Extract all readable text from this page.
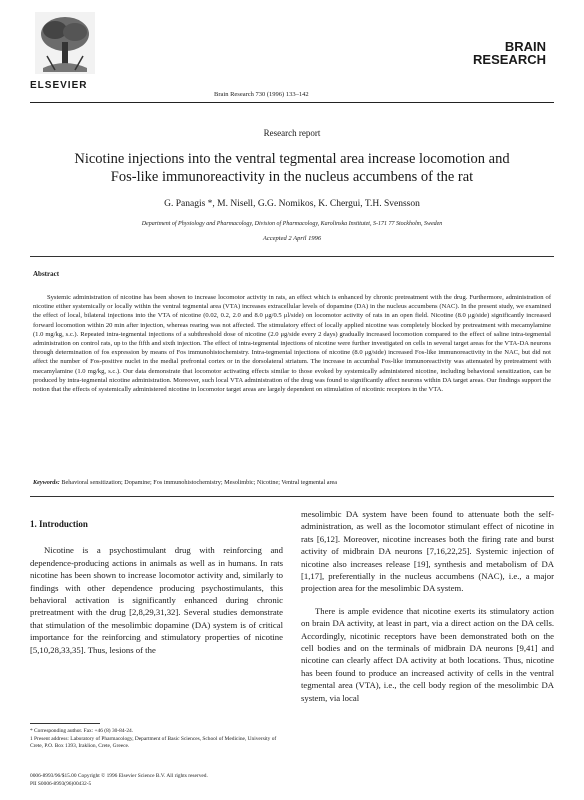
ELSEVIER
Brain Research 730 (1996) 133–142
BRAIN
RESEARCH
Research report
Nicotine injections into the ventral tegmental area increase locomotion and
Fos-like immunoreactivity in the nucleus accumbens of the rat
G. Panagis *, M. Nisell, G.G. Nomikos, K. Chergui, T.H. Svensson
Department of Physiology and Pharmacology, Division of Pharmacology, Karolinska Institutet, S-171 77 Stockholm, Sweden
Accepted 2 April 1996
Abstract
Systemic administration of nicotine has been shown to increase locomotor activity in rats, an effect which is enhanced by chronic pretreatment with the drug. Furthermore, administration of nicotine either systemically or locally within the ventral tegmental area (VTA) increases extracellular levels of dopamine (DA) in the nucleus accumbens (NAC). In the present study, we examined the effect of local, bilateral injections into the VTA of nicotine (0.02, 0.2, 2.0 and 8.0 μg/0.5 μl/side) on locomotor activity of rats in an open field. Nicotine (8.0 μg/side) significantly increased forward locomotion within 20 min after injection, whereas rearing was not affected. The stimulatory effect of locally applied nicotine was completely blocked by pretreatment with mecamylamine (1.0 mg/kg, s.c.). Repeated intra-tegmental injections of a subthreshold dose of nicotine (2.0 μg/side every 2 days) gradually increased locomotion compared to the effect of saline intra-tegmental administration on control rats, up to the fifth and sixth injection. The effect of intra-tegmental injections of nicotine were further investigated on cells in several target areas for the VTA-DA neurons through determination of fos expression by means of Fos immunohistochemistry. Intra-tegmental injections of nicotine (8.0 μg/side) increased Fos-like immunoreactivity in the NAC, but did not affect the number of Fos-positive nuclei in the medial prefrontal cortex or in the dorsolateral striatum. The increase in accumbal Fos-like immunoreactivity was attenuated by pretreatment with mecamylamine (1.0 mg/kg, s.c.). Our data demonstrate that locomotor activating effects similar to those evoked by systemically administered nicotine, including behavioral sensitization, can be produced by intra-tegmental nicotine administration. Moreover, such local VTA administration of the drug was found to significantly affect neurons within DA target areas. Our findings support the notion that the effects of systemically administered nicotine in locomotor target areas are largely dependent on stimulation of nicotinic receptors in the VTA.
Keywords: Behavioral sensitization; Dopamine; Fos immunohistochemistry; Mesolimbic; Nicotine; Ventral tegmental area
1. Introduction

Nicotine is a psychostimulant drug with reinforcing and dependence-producing actions in animals as well as in humans. In rats nicotine has been shown to increase locomotor activity and, similarly to findings with other dependence producing psychostimulants, this behavioral activation is significantly enhanced during chronic pretreatment with the drug [2,8,29,31,32]. Several studies demonstrate that stimulation of the mesolimbic dopamine (DA) system is of critical importance for the reinforcing and stimulatory properties of nicotine [5,10,28,33,35]. Thus, lesions of the

mesolimbic DA system have been found to attenuate both the self-administration, as well as the locomotor stimulant effect of nicotine in rats [6,12]. Moreover, nicotine increases both the firing rate and burst activity of midbrain DA neurons [7,16,22,25]. Systemic injection of nicotine also increases release [19], synthesis and metabolism of DA [1,17], preferentially in the nucleus accumbens (NAC), i.e., a major projection area for the mesolimbic DA system.

There is ample evidence that nicotine exerts its stimulatory action on brain DA activity, at least in part, via a direct action on the DA cells. Accordingly, nicotinic receptors have been demonstrated both on the cell bodies and on the terminals of midbrain DA neurons [9,41] and nicotine can clearly affect DA activity at both locations. Thus, nicotine has been found to produce an increased activity of cells in the ventral tegmental area (VTA), i.e., the cell body region of the mesolimbic DA system, via local

* Corresponding author. Fax: +46 (8) 30-84-24.

1 Present address: Laboratory of Pharmacology, Department of Basic Sciences, School of Medicine, University of Crete, P.O. Box 1393, Iraklion, Crete, Greece.

0006-8993/96/$15.00 Copyright © 1996 Elsevier Science B.V. All rights reserved.

PII S0006-8993(96)00432-5
